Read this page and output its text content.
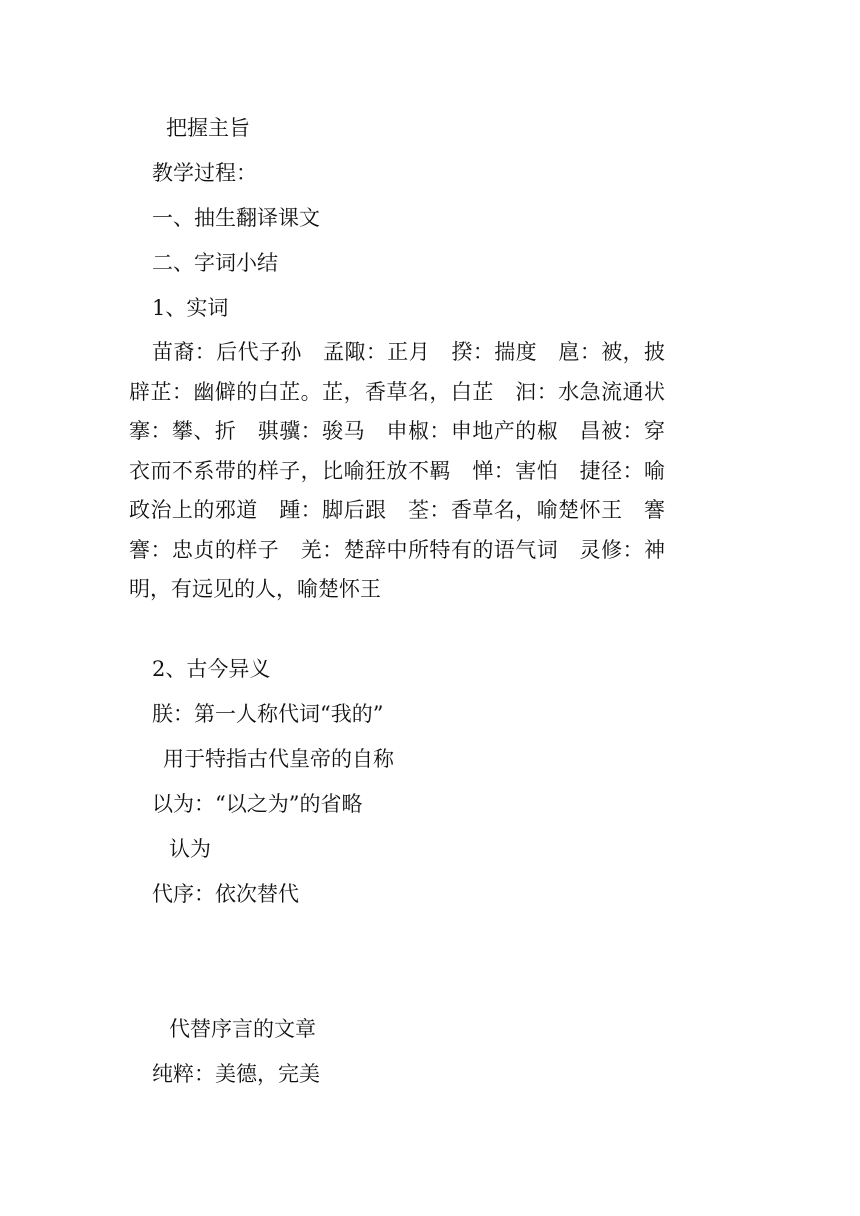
把握主旨
教学过程：
一、抽生翻译课文
二、字词小结
1、实词
苗裔：后代子孙　孟陬：正月　揆：揣度　扈：被，披　辟芷：幽僻的白芷。芷，香草名，白芷　汩：水急流通状　搴：攀、折　骐骥：骏马　申椒：申地产的椒　昌被：穿衣而不系带的样子，比喻狂放不羁　惮：害怕　捷径：喻政治上的邪道　踵：脚后跟　荃：香草名，喻楚怀王　謇謇：忠贞的样子　羌：楚辞中所特有的语气词　灵修：神明，有远见的人，喻楚怀王
2、古今异义
朕：第一人称代词“我的”
用于特指古代皇帝的自称
以为：“以之为”的省略
认为
代序：依次替代
代替序言的文章
纯粹：美德，完美
